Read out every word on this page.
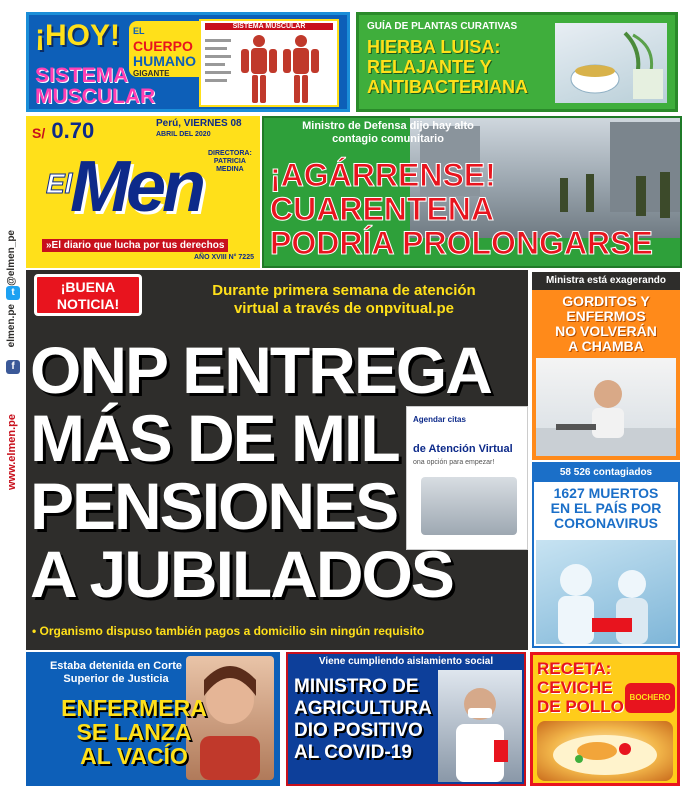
www.elmen.pe
f
elmen.pe
t
@elmen_pe
¡HOY! EL
CUERPO
HUMANO
GIGANTE
SISTEMA
MUSCULAR
SISTEMA MUSCULAR	GUÍA DE PLANTAS CURATIVAS
HIERBA LUISA:
RELAJANTE Y
ANTIBACTERIANA
S/ 0.70	Perú, VIERNES 08
ABRIL DEL 2020
DIRECTORA:
PATRICIA
MEDINA
El
Men
»El diario que lucha por tus derechos
AÑO XVIII N° 7225
Ministro de Defensa dijo hay alto
contagio comunitario
¡AGÁRRENSE!
CUARENTENA
PODRÍA PROLONGARSE
¡BUENA
NOTICIA!
Durante primera semana de atención
virtual a través de onpvitual.pe
Agendar citas
de Atención Virtual
ona opción para empezar!
ONP ENTREGA
MÁS DE MIL
PENSIONES
A JUBILADOS
• Organismo dispuso también pagos a domicilio sin ningún requisito
Ministra está exagerando
GORDITOS Y
ENFERMOS
NO VOLVERÁN
A CHAMBA
58 526 contagiados
1627 MUERTOS
EN EL PAÍS POR
CORONAVIRUS
Estaba detenida en Corte
Superior de Justicia
ENFERMERA
SE LANZA
AL VACÍO
Viene cumpliendo aislamiento social
MINISTRO DE
AGRICULTURA
DIO POSITIVO
AL COVID-19
RECETA:
CEVICHE
DE POLLO BOCHERO
